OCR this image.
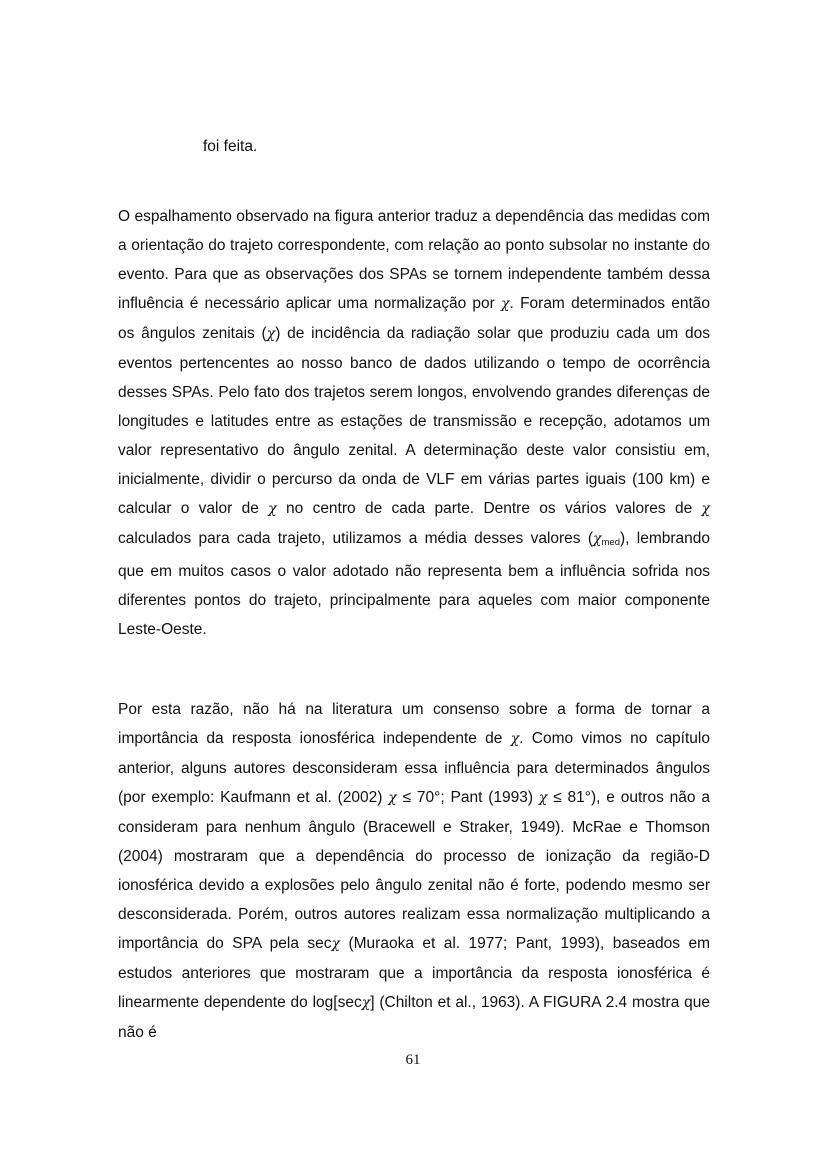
foi feita.

O espalhamento observado na figura anterior traduz a dependência das medidas com a orientação do trajeto correspondente, com relação ao ponto subsolar no instante do evento. Para que as observações dos SPAs se tornem independente também dessa influência é necessário aplicar uma normalização por χ. Foram determinados então os ângulos zenitais (χ) de incidência da radiação solar que produziu cada um dos eventos pertencentes ao nosso banco de dados utilizando o tempo de ocorrência desses SPAs. Pelo fato dos trajetos serem longos, envolvendo grandes diferenças de longitudes e latitudes entre as estações de transmissão e recepção, adotamos um valor representativo do ângulo zenital. A determinação deste valor consistiu em, inicialmente, dividir o percurso da onda de VLF em várias partes iguais (100 km) e calcular o valor de χ no centro de cada parte. Dentre os vários valores de χ calculados para cada trajeto, utilizamos a média desses valores $(\chi_{med})$, lembrando que em muitos casos o valor adotado não representa bem a influência sofrida nos diferentes pontos do trajeto, principalmente para aqueles com maior componente Leste-Oeste.

Por esta razão, não há na literatura um consenso sobre a forma de tornar a importância da resposta ionosférica independente de χ. Como vimos no capítulo anterior, alguns autores desconsideram essa influência para determinados ângulos (por exemplo: Kaufmann et al. (2002) χ ≤ 70°; Pant (1993) χ ≤ 81°), e outros não a consideram para nenhum ângulo (Bracewell e Straker, 1949). McRae e Thomson (2004) mostraram que a dependência do processo de ionização da região-D ionosférica devido a explosões pelo ângulo zenital não é forte, podendo mesmo ser desconsiderada. Porém, outros autores realizam essa normalização multiplicando a importância do SPA pela secχ (Muraoka et al. 1977; Pant, 1993), baseados em estudos anteriores que mostraram que a importância da resposta ionosférica é linearmente dependente do log[secχ] (Chilton et al., 1963). A FIGURA 2.4 mostra que não é

61
